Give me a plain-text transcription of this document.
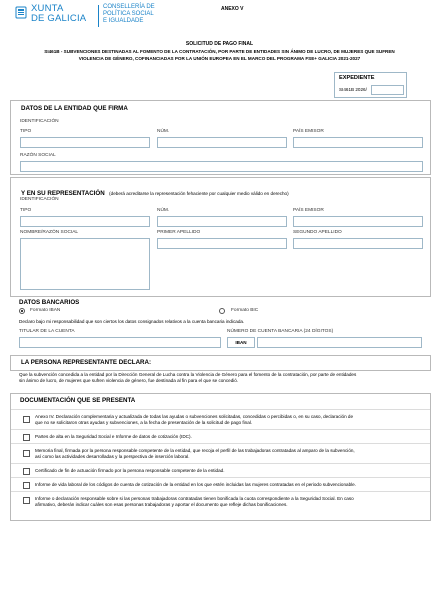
XUNTA
DE GALICIA
CONSELLERÍA DE
POLÍTICA SOCIAL
E IGUALDADE
ANEXO V
SOLICITUD DE PAGO FINAL
SI461B - SUBVENCIONES DESTINADAS AL FOMENTO DE LA CONTRATACIÓN, POR PARTE DE ENTIDADES SIN ÁNIMO DE LUCRO, DE MUJERES QUE SUFREN
VIOLENCIA DE GÉNERO, COFINANCIADAS POR LA UNIÓN EUROPEA EN EL MARCO DEL PROGRAMA FSE+ GALICIA 2021-2027
EXPEDIENTE
SI461B 2026/
DATOS DE LA ENTIDAD QUE FIRMA
IDENTIFICACIÓN
TIPO	NÚM.	PAÍS EMISOR
RAZÓN SOCIAL
Y EN SU REPRESENTACIÓN (deberá acreditarse la representación fehaciente por cualquier medio válido en derecho)
IDENTIFICACIÓN
TIPO	NÚM.	PAÍS EMISOR
NOMBRE/RAZÓN SOCIAL	PRIMER APELLIDO	SEGUNDO APELLIDO
DATOS BANCARIOS
Formato IBAN	Formato BIC
Declaro bajo mi responsabilidad que son ciertos los datos consignados relativos a la cuenta bancaria indicada.
TITULAR DE LA CUENTA	NÚMERO DE CUENTA BANCARIA (24 DÍGITOS)
IBAN
LA PERSONA REPRESENTANTE DECLARA:
Que la subvención concedida a la entidad por la Dirección General de Lucha contra la Violencia de Género para el fomento de la contratación, por parte de entidades
sin ánimo de lucro, de mujeres que sufren violencia de género, fue destinada al fin para el que se concedió.
DOCUMENTACIÓN QUE SE PRESENTA
Anexo IV. Declaración complementaria y actualizada de todas las ayudas o subvenciones solicitadas, concedidas o percibidas o, en su caso, declaración de
que no se solicitaron otras ayudas y subvenciones, a la fecha de presentación de la solicitud de pago final.
Partes de alta en la Seguridad Social e Informe de datos de cotización (IDC).
Memoria final, firmada por la persona responsable competente de la entidad, que recoja el perfil de las trabajadoras contratadas al amparo de la subvención,
así como las actividades desarrolladas y la perspectiva de inserción laboral.
Certificado de fin de actuación firmado por la persona responsable competente de la entidad.
Informe de vida laboral de los códigos de cuenta de cotización de la entidad en los que estén incluidas las mujeres contratadas en el periodo subvencionable.
Informe o declaración responsable sobre si las personas trabajadoras contratadas tienen bonificada la cuota correspondiente a la Seguridad Social. En caso
afirmativo, deberán indicar cuáles son esas personas trabajadoras y aportar el documento que refleje dichas bonificaciones.
